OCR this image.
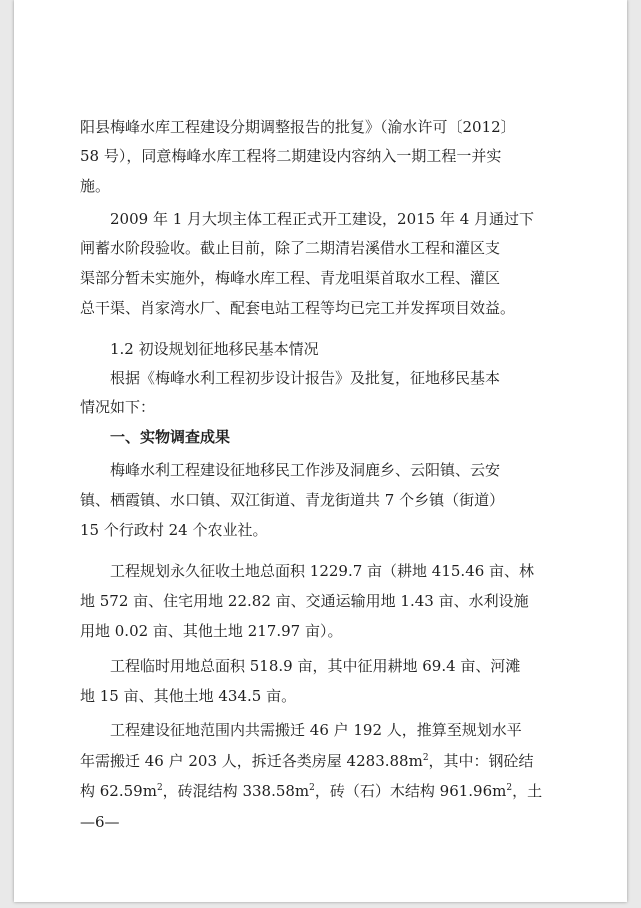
阳县梅峰水库工程建设分期调整报告的批复》（渝水许可〔2012〕
58 号），同意梅峰水库工程将二期建设内容纳入一期工程一并实
施。
2009 年 1 月大坝主体工程正式开工建设，2015 年 4 月通过下
闸蓄水阶段验收。截止目前，除了二期清岩溪借水工程和灌区支
渠部分暂未实施外，梅峰水库工程、青龙咀渠首取水工程、灌区
总干渠、肖家湾水厂、配套电站工程等均已完工并发挥项目效益。
1.2 初设规划征地移民基本情况
根据《梅峰水利工程初步设计报告》及批复，征地移民基本
情况如下：
一、实物调查成果
梅峰水利工程建设征地移民工作涉及洞鹿乡、云阳镇、云安
镇、栖霞镇、水口镇、双江街道、青龙街道共 7 个乡镇（街道）
15 个行政村 24 个农业社。
工程规划永久征收土地总面积 1229.7 亩（耕地 415.46 亩、林
地 572 亩、住宅用地 22.82 亩、交通运输用地 1.43 亩、水利设施
用地 0.02 亩、其他土地 217.97 亩）。
工程临时用地总面积 518.9 亩，其中征用耕地 69.4 亩、河滩
地 15 亩、其他土地 434.5 亩。
工程建设征地范围内共需搬迁 46 户 192 人，推算至规划水平
年需搬迁 46 户 203 人，拆迁各类房屋 $4283.88m^2$，其中：钢砼结
构 $62.59m^2$，砖混结构 $338.58m^2$，砖（石）木结构 $961.96m^2$，土
—6—
